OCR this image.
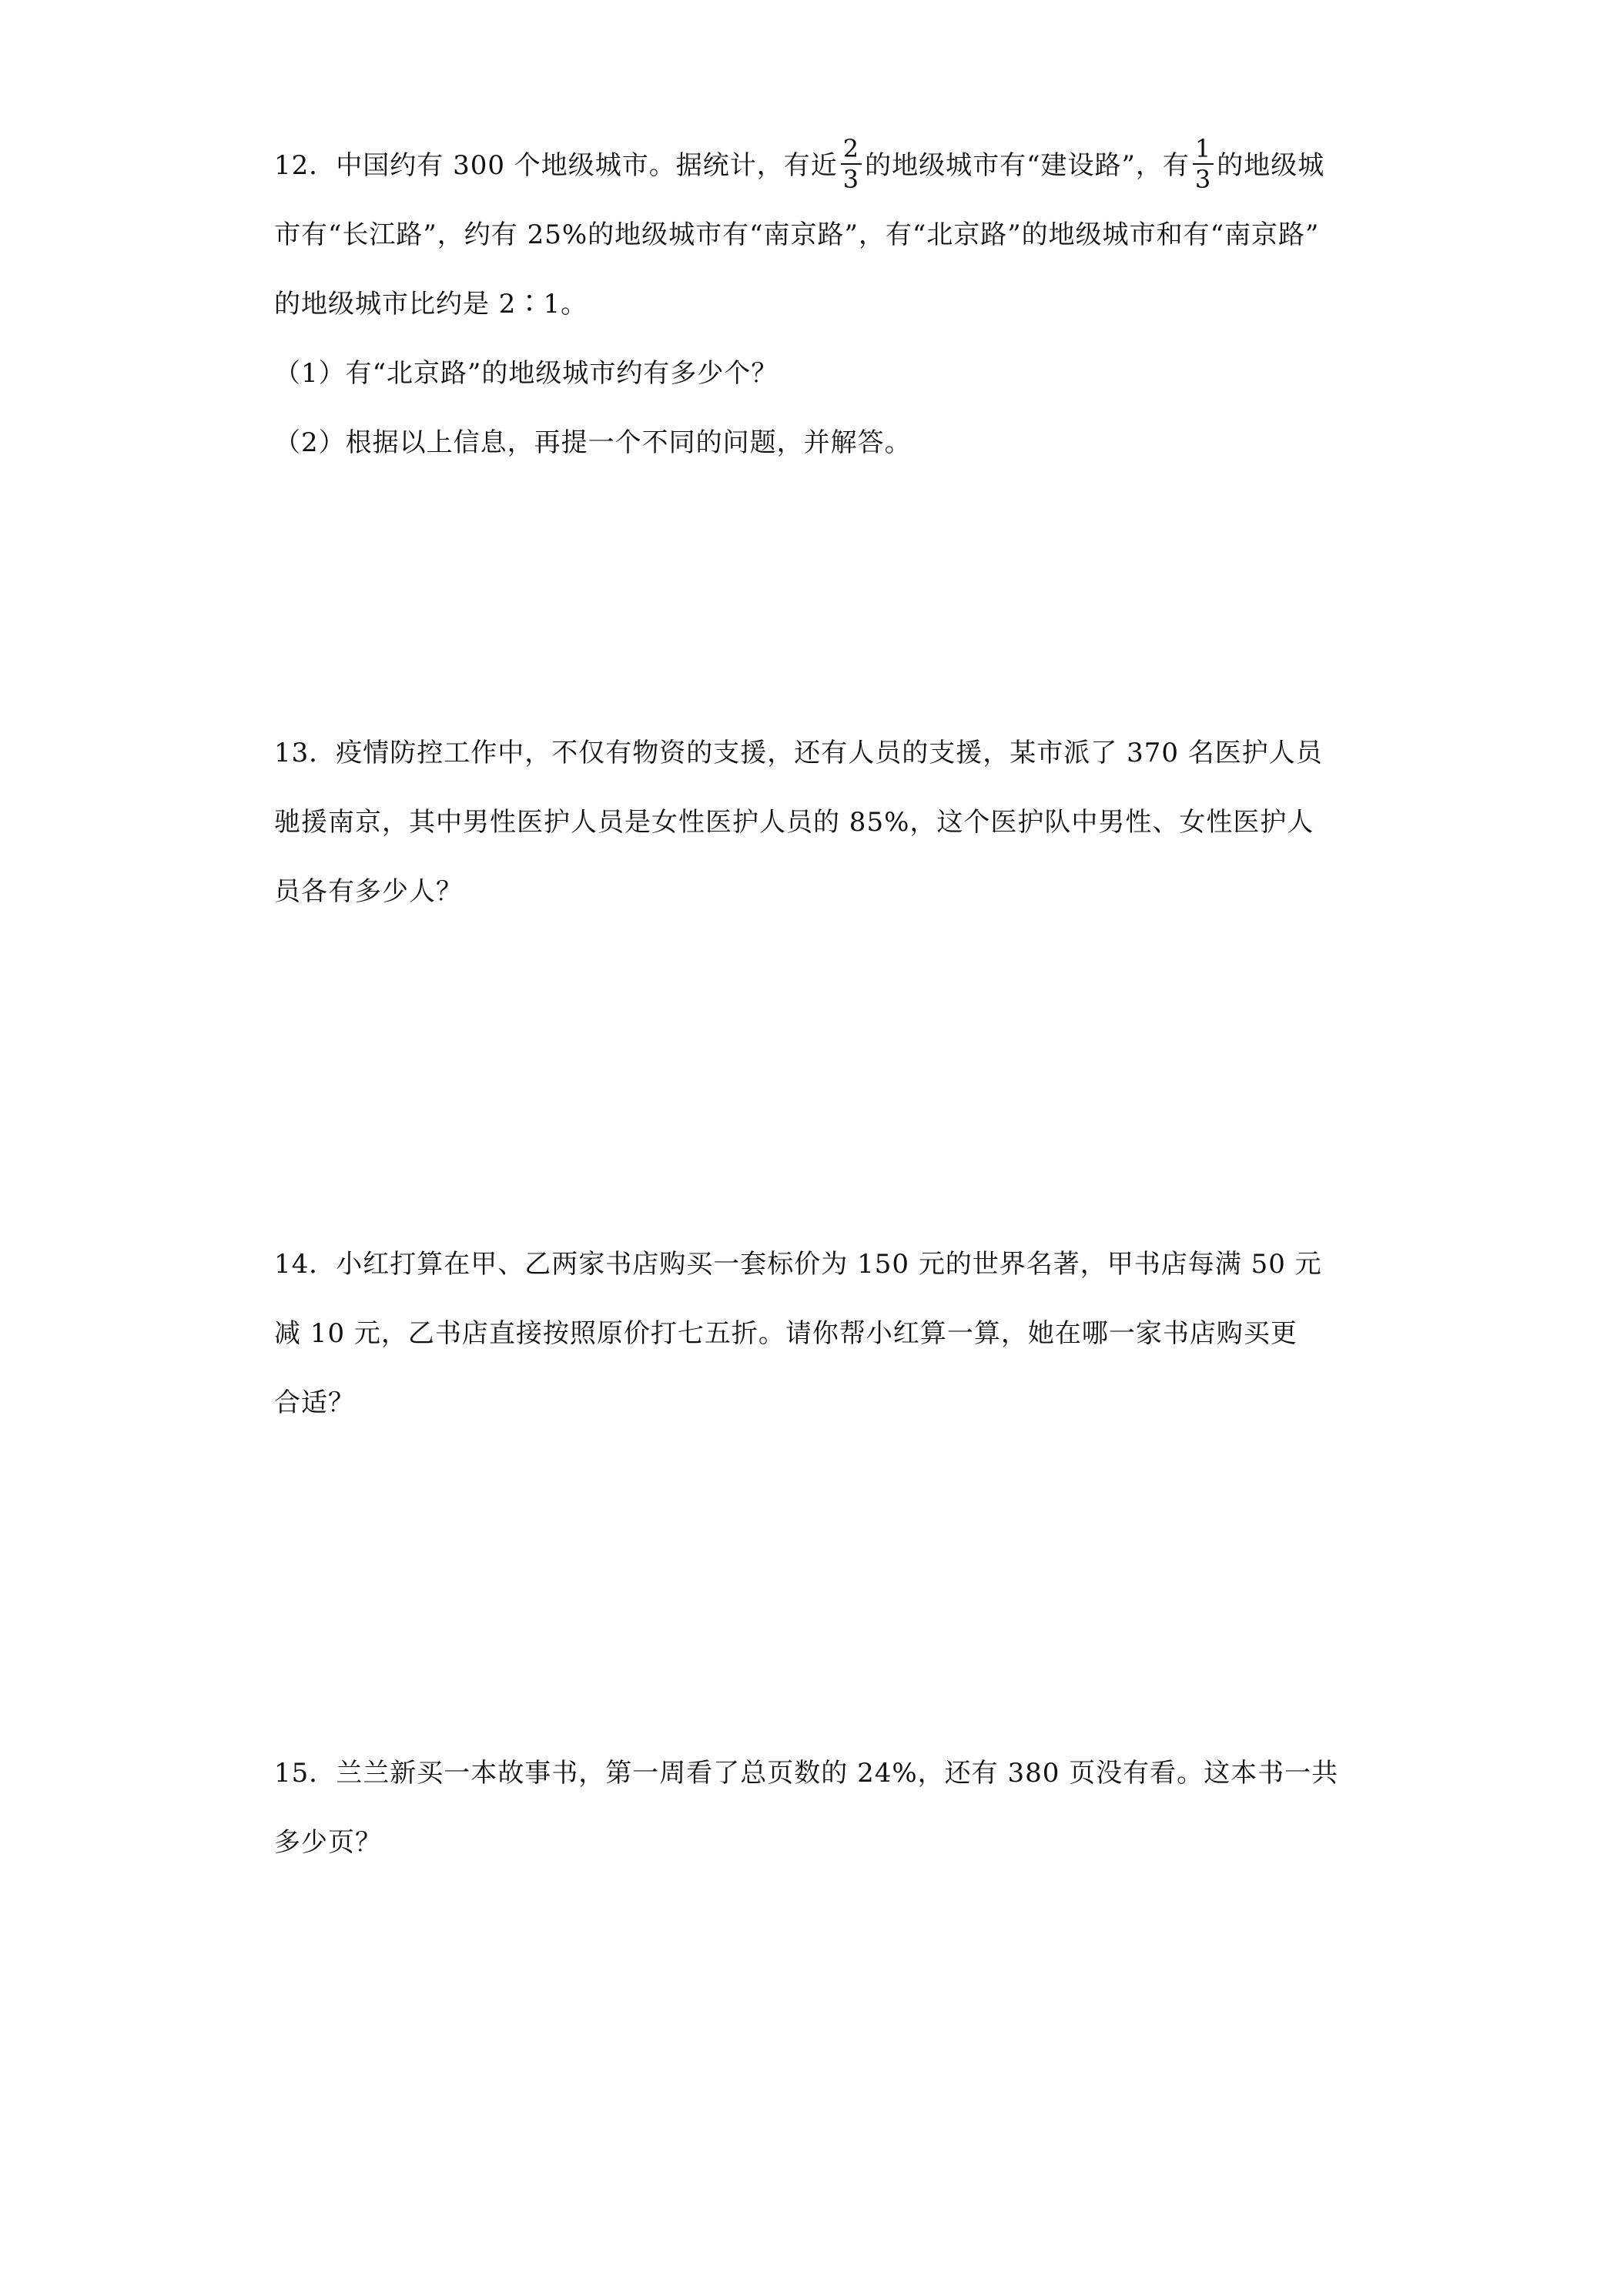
12．中国约有 300 个地级城市。据统计，有近 $\frac{2}{3}$ 的地级城市有“建设路”，有 $\frac{1}{3}$ 的地级城

市有“长江路”，约有 25%的地级城市有“南京路”，有“北京路”的地级城市和有“南京路”

的地级城市比约是 2∶1。

（1）有“北京路”的地级城市约有多少个？

（2）根据以上信息，再提一个不同的问题，并解答。

13．疫情防控工作中，不仅有物资的支援，还有人员的支援，某市派了 370 名医护人员

驰援南京，其中男性医护人员是女性医护人员的 85%，这个医护队中男性、女性医护人

员各有多少人？

14．小红打算在甲、乙两家书店购买一套标价为 150 元的世界名著，甲书店每满 50 元

减 10 元，乙书店直接按照原价打七五折。请你帮小红算一算，她在哪一家书店购买更

合适？

15．兰兰新买一本故事书，第一周看了总页数的 24%，还有 380 页没有看。这本书一共

多少页？
